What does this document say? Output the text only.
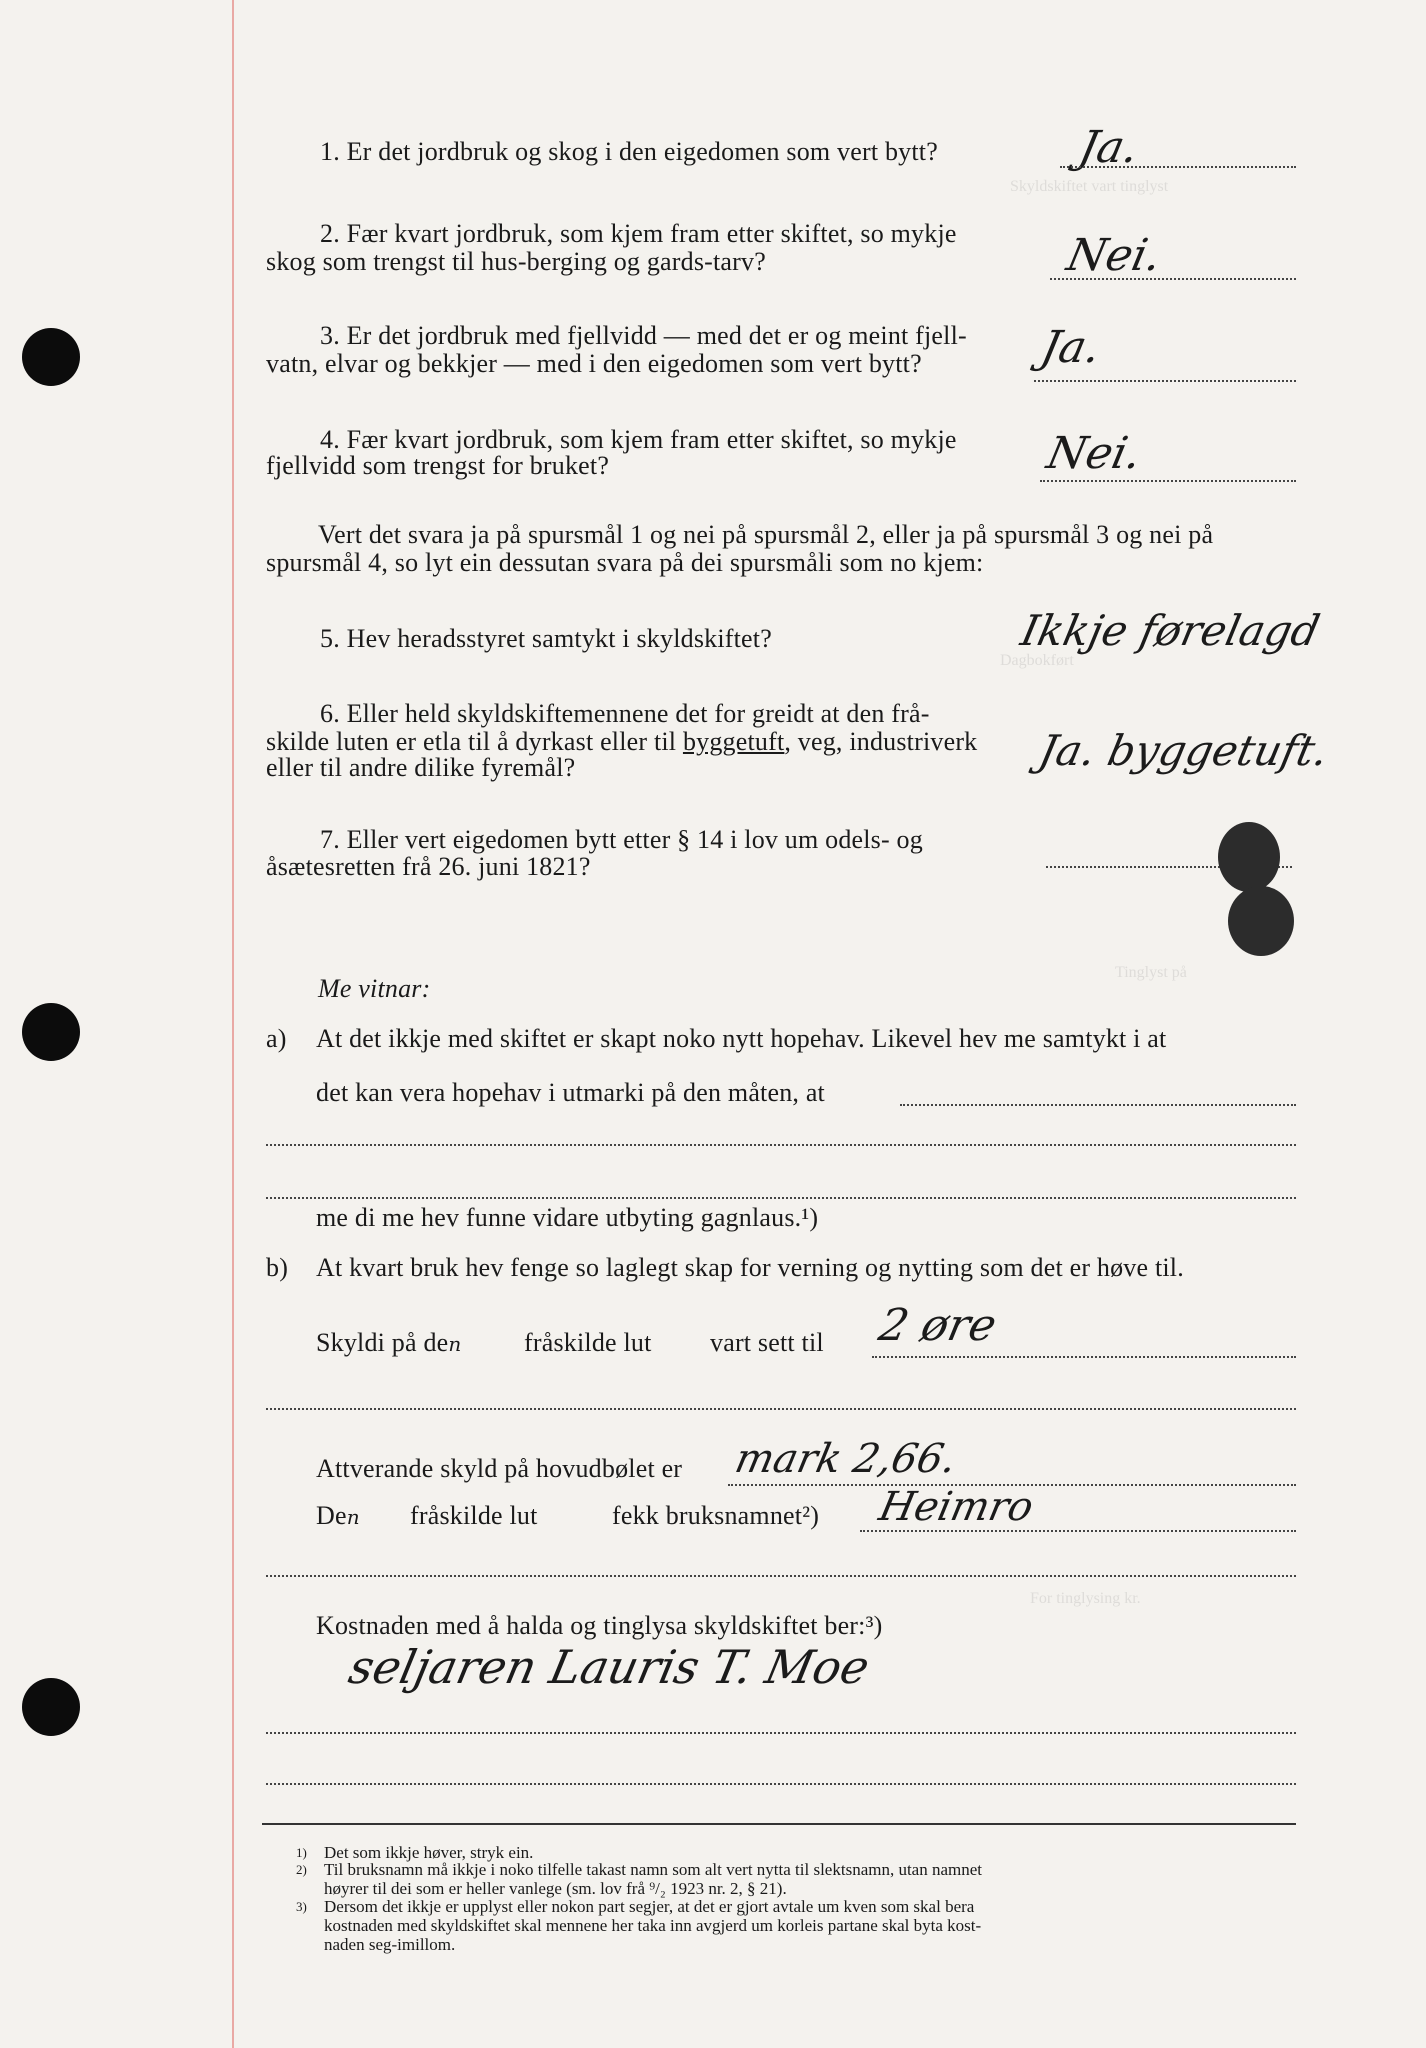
Skyldskiftet vart tinglyst
Dagbokført
Tinglyst på
For tinglysing kr.
1. Er det jordbruk og skog i den eigedomen som vert bytt?	Ja.
2. Fær kvart jordbruk, som kjem fram etter skiftet, so mykje
skog som trengst til hus-berging og gards-tarv?	Nei.
3. Er det jordbruk med fjellvidd — med det er og meint fjell-
vatn, elvar og bekkjer — med i den eigedomen som vert bytt?	Ja.
4. Fær kvart jordbruk, som kjem fram etter skiftet, so mykje
fjellvidd som trengst for bruket?	Nei.
Vert det svara ja på spursmål 1 og nei på spursmål 2, eller ja på spursmål 3 og nei på
spursmål 4, so lyt ein dessutan svara på dei spursmåli som no kjem:
5. Hev heradsstyret samtykt i skyldskiftet?	Ikkje førelagd
6. Eller held skyldskiftemennene det for greidt at den frå-
skilde luten er etla til å dyrkast eller til byggetuft, veg, industriverk
eller til andre dilike fyremål?	Ja. byggetuft.
7. Eller vert eigedomen bytt etter § 14 i lov um odels- og
åsætesretten frå 26. juni 1821?
Me vitnar:
a) At det ikkje med skiftet er skapt noko nytt hopehav. Likevel hev me samtykt i at
det kan vera hopehav i utmarki på den måten, at
me di me hev funne vidare utbyting gagnlaus.¹)
b) At kvart bruk hev fenge so laglegt skap for verning og nytting som det er høve til.
Skyldi på den fråskilde lut vart sett til 2 øre
Attverande skyld på hovudbølet er mark 2,66.
Den fråskilde lut	fekk bruksnamnet²) Heimro
Kostnaden med å halda og tinglysa skyldskiftet ber:³)
seljaren Lauris T. Moe
1) Det som ikkje høver, stryk ein.
2) Til bruksnamn må ikkje i noko tilfelle takast namn som alt vert nytta til slektsnamn, utan namnet
høyrer til dei som er heller vanlege (sm. lov frå ⁹/₂ 1923 nr. 2, § 21).
3) Dersom det ikkje er upplyst eller nokon part segjer, at det er gjort avtale um kven som skal bera
kostnaden med skyldskiftet skal mennene her taka inn avgjerd um korleis partane skal byta kost-
naden seg-imillom.
